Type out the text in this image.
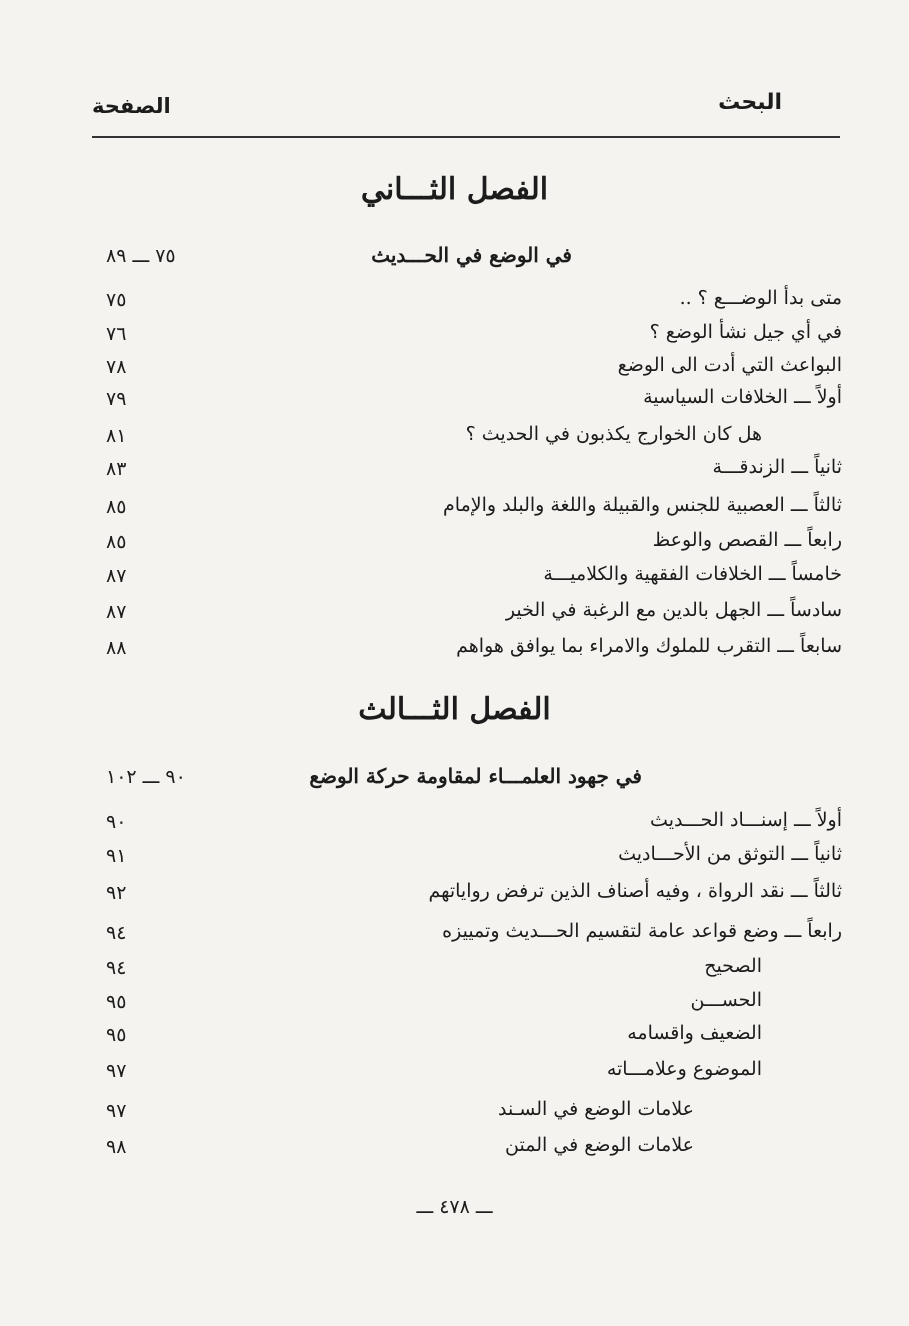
البحث
الصفحة
الفصل الثـــاني
في الوضع في الحـــديث
٧٥ ـــ ٨٩
متى بدأ الوضـــع ؟ ..
٧٥
في أي جيل نشأ الوضع ؟
٧٦
البواعث التي أدت الى الوضع
٧٨
أولاً ـــ الخلافات السياسية
٧٩
هل كان الخوارج يكذبون في الحديث ؟
٨١
ثانياً ـــ الزندقـــة
٨٣
ثالثاً ـــ العصبية للجنس والقبيلة واللغة والبلد والإمام
٨٥
رابعاً ـــ القصص والوعظ
٨٥
خامساً ـــ الخلافات الفقهية والكلاميـــة
٨٧
سادساً ـــ الجهل بالدين مع الرغبة في الخير
٨٧
سابعاً ـــ التقرب للملوك والامراء بما يوافق هواهم
٨٨
الفصل الثـــالث
في جهود العلمـــاء لمقاومة حركة الوضع
٩٠ ـــ ١٠٢
أولاً ـــ إسنـــاد الحـــديث
٩٠
ثانياً ـــ التوثق من الأحـــاديث
٩١
ثالثاً ـــ نقد الرواة ، وفيه أصناف الذين ترفض رواياتهم
٩٢
رابعاً ـــ وضع قواعد عامة لتقسيم الحـــديث وتمييزه
٩٤
الصحيح
٩٤
الحســـن
٩٥
الضعيف واقسامه
٩٥
الموضوع وعلامـــاته
٩٧
علامات الوضع في السـند
٩٧
علامات الوضع في المتن
٩٨
ـــ ٤٧٨ ـــ
